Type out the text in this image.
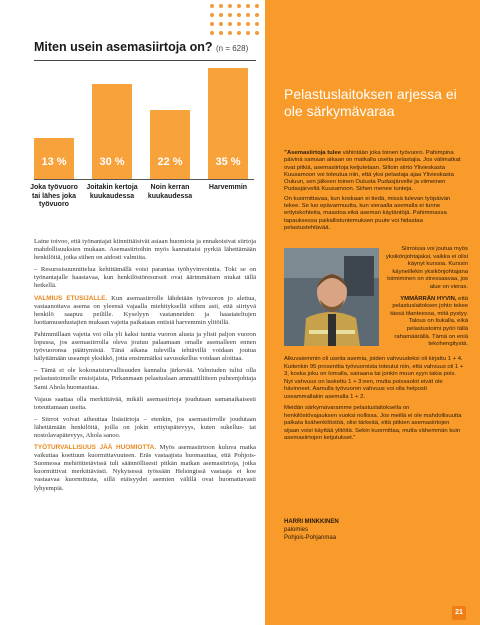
Miten usein asemasiirtoja on? (n = 628)
13 %	30 %	22 %	35 %
Joka työvuoro tai lähes joka työvuoro
Joitakin kertoja kuukaudessa
Noin kerran kuukaudessa
Harvemmin

Laine toivoo, että työnantajat kiinnittäisivät asiaan huomiota ja ennakoisivat siirtoja mahdollisuuksien mukaan. Asemasiirtoihin myös kannattaisi pyrkiä lähettämään henkilöitä, jotka siihen on aidosti valmiita.

– Resurssisuunnittelua kehittämällä voisi parantaa työhyvinvointia. Toki se on työnantajalle haastavaa, kun henkilöstöresurssit ovat äärimmäisen niukat tällä hetkellä.

VALMIUS ETUSIJALLE. Kun asemasiirrolle lähdetään työvuoron jo alettua, vastaanottava asema on yleensä vajaalla miehityksellä siihen asti, että siirtyvä henkilö saapuu peilille. Kyselyyn vastanneiden ja haastateltujen luottamusedustajien mukaan vajetta paikataan entistä harvemmin ylitöillä.

Pahimmillaan vajetta voi olla yli kaksi tuntia vuoron alusta ja ylisti paljon vuoron lopussa, jos asemasiirrolla oleva joutuu palaamaan omalle asemalleen ennen työvuoronsa päättymistä. Tänä aikana tulevilla tehtävillä voidaan joutua hälyttämään useampi yksikkö, jotta ensimmäiksi savusukellus voidaan aloittaa.

– Tämä ei ole kokonaisturvallisuuden kannalta järkevää. Valmiuden tulisi olla pelastustoimelle ensisijaista, Pirkanmaan pelastuslaan ammattiliiteen puheenjohtaja Sami Ahola huomauttaa.

Vajaus saattaa olla merkittävää, mikäli asemasiirtoja joudutaan samanaikaisesti toteuttamaan useita.

– Siirrot voivat aiheuttaa lisäsiirtoja – etenkin, jos asemasiirrolle joudutaan lähettämään henkilöitä, joilla on jokin erityispätevyys, kuten sukellus- tai nostolavapätevyys, Ahola sanoo.

TYÖTURVALLISUUS JÄÄ HUOMIOTTA. Myös asemasiirtoon kuluva matka vaikuttaa koettuun kuormittavuuteen. Eräs vastaajista huomauttaa, että Pohjois-Suomessa mehiöittetävissä tuli säännöllisesti pitkän matkan asemasiirtoja, jotka kuormittivat merkittävästi. Nykyisessä työssään Helsingissä vastaaja ei koe vastaavaa kuormitusta, sillä etäisyydet asemien välillä ovat huomattavasti lyhyempiä.

Pelastuslaitoksen arjessa ei ole särkymävaraa
”Asemasiirtoja tulee vähintään joka toinen työvuoro. Pahimpina päivinä samaan aikaan on matkalla useita pelastajia. Jos välimatkat ovat pitkiä, asemasiirtoja ketjutetaan. Siltoin siirto Ylivieskasta Kuusamoon voi toteutua niin, että yksi pelastaja ajaa Ylivieskasta Ouluun, sen jälkeen toinen Oulusta Pudasjärvelle ja viimeinen Pudasjärveltä Kuusamoon. Siihen menee tunteja.
On kuormittavaa, kun koskaan ei tiedä, missä tulevan työpäivän tekee. Se luo epävarmuutta, kun vieraalla asemalla ei tunne erityiskohteita, maastoa eikä aseman käytäntöjä. Pahimmassa tapauksessa paikallistuntemuksen puute voi hidastaa pelastustehtävää.
Siirroissa voi joutua myös yksikönjohtajaksi, vaikka ei olisi käynyt kurssia. Kurssin käyneillekin yksikönjohtajana toimiminen on stressaavaa, jos alue on vieras.
YMMÄRRÄN HYVIN, että pelastuslaitoksen johto tekee tässä tilanteessa, mitä pystyy. Talous on tiukalla, eikä pelastustoimi pyöri tällä rahamäärällä. Tämä on eniä tekohengitystä.

Alkuvaiemmin oli useita asemia, joiden vahvuudeksi oli kirjattu 1 + 4. Kuitenkin 95 prosenttia työvuoroista toteutui niin, että vahvuus oli 1 + 3, koska joku on lomalla, sairaana tai jonkin muun syyn takia pois. Nyt vahvuus on laskettu 1 + 3:een, mutta poissaolot eivät ole hävinneet. Aamulla työvuoron vahvuus voi olla helposti useammallakin asemalla 1 + 2.

Meidän särkymävaramme pelastuslaitoksella on henkilöstövajauksen vuoksi nollissa. Jos meillä ei ole mahdollisuutta palkata lisähenkilöstöä, olisi tärkeää, että pitkien asemasiirtojen sijaan voisi käyttää ylitöitä. Sekin kuormittaa, mutta vähemmän kuin asemasiirtojen ketjutukset.”

HARRI MINKKINEN
palomies
Pohjois-Pohjanmaa
21
